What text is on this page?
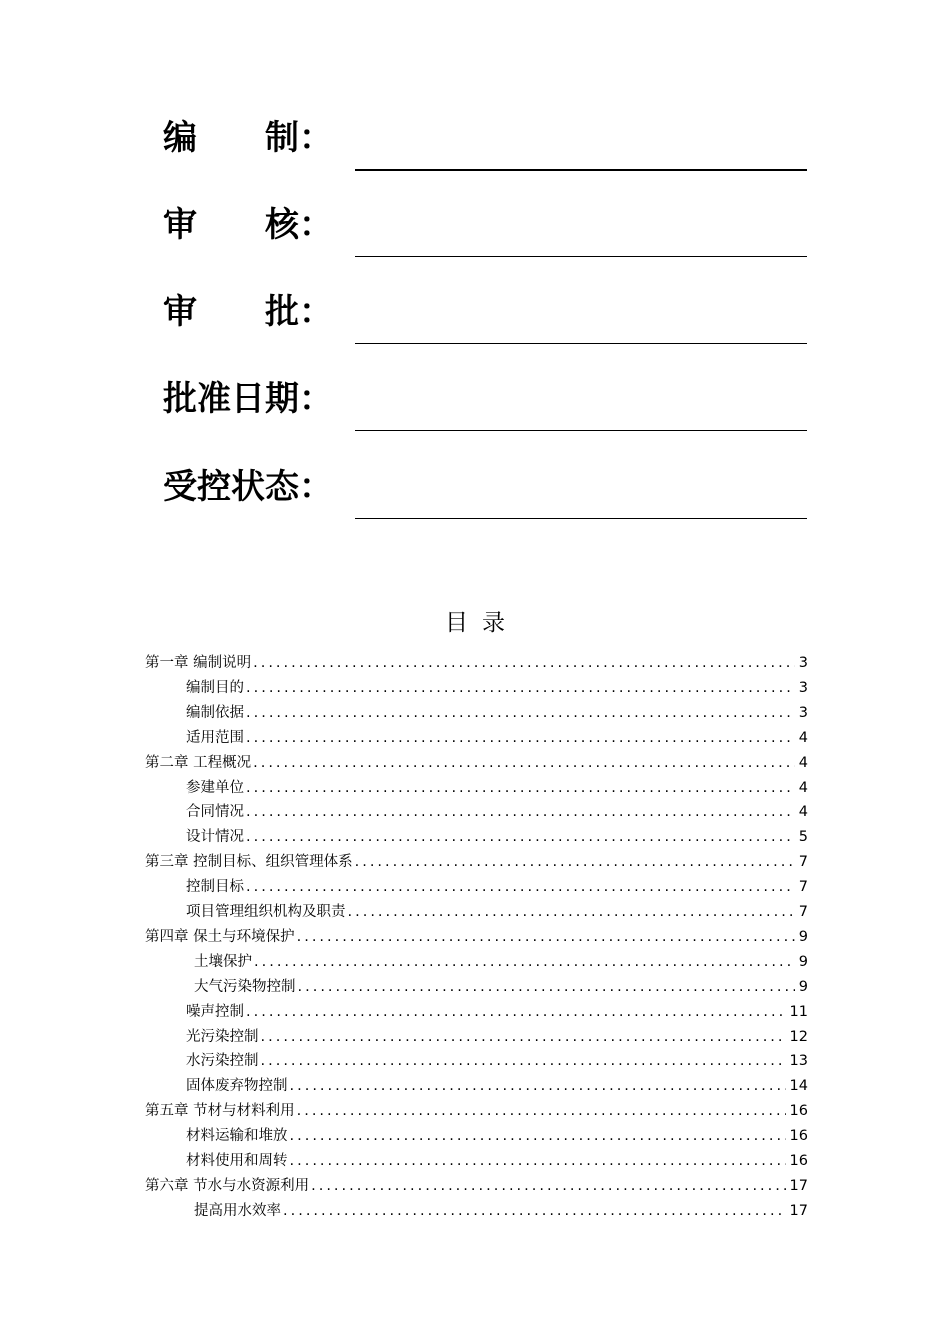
编　　制：
审　　核：
审　　批：
批准日期：
受控状态：
目录
第一章 编制说明 .....	3
编制目的 .....	3
编制依据 .....	3
适用范围 .....	4
第二章 工程概况 .....	4
参建单位 .....	4
合同情况 .....	4
设计情况 .....	5
第三章 控制目标、组织管理体系 .....	7
控制目标 .....	7
项目管理组织机构及职责 .....	7
第四章 保土与环境保护 .....	9
土壤保护 .....	9
大气污染物控制 .....	9
噪声控制 .....	11
光污染控制 .....	12
水污染控制 .....	13
固体废弃物控制 .....	14
第五章 节材与材料利用 .....	16
材料运输和堆放 .....	16
材料使用和周转 .....	16
第六章 节水与水资源利用 .....	17
提高用水效率 .....	17
